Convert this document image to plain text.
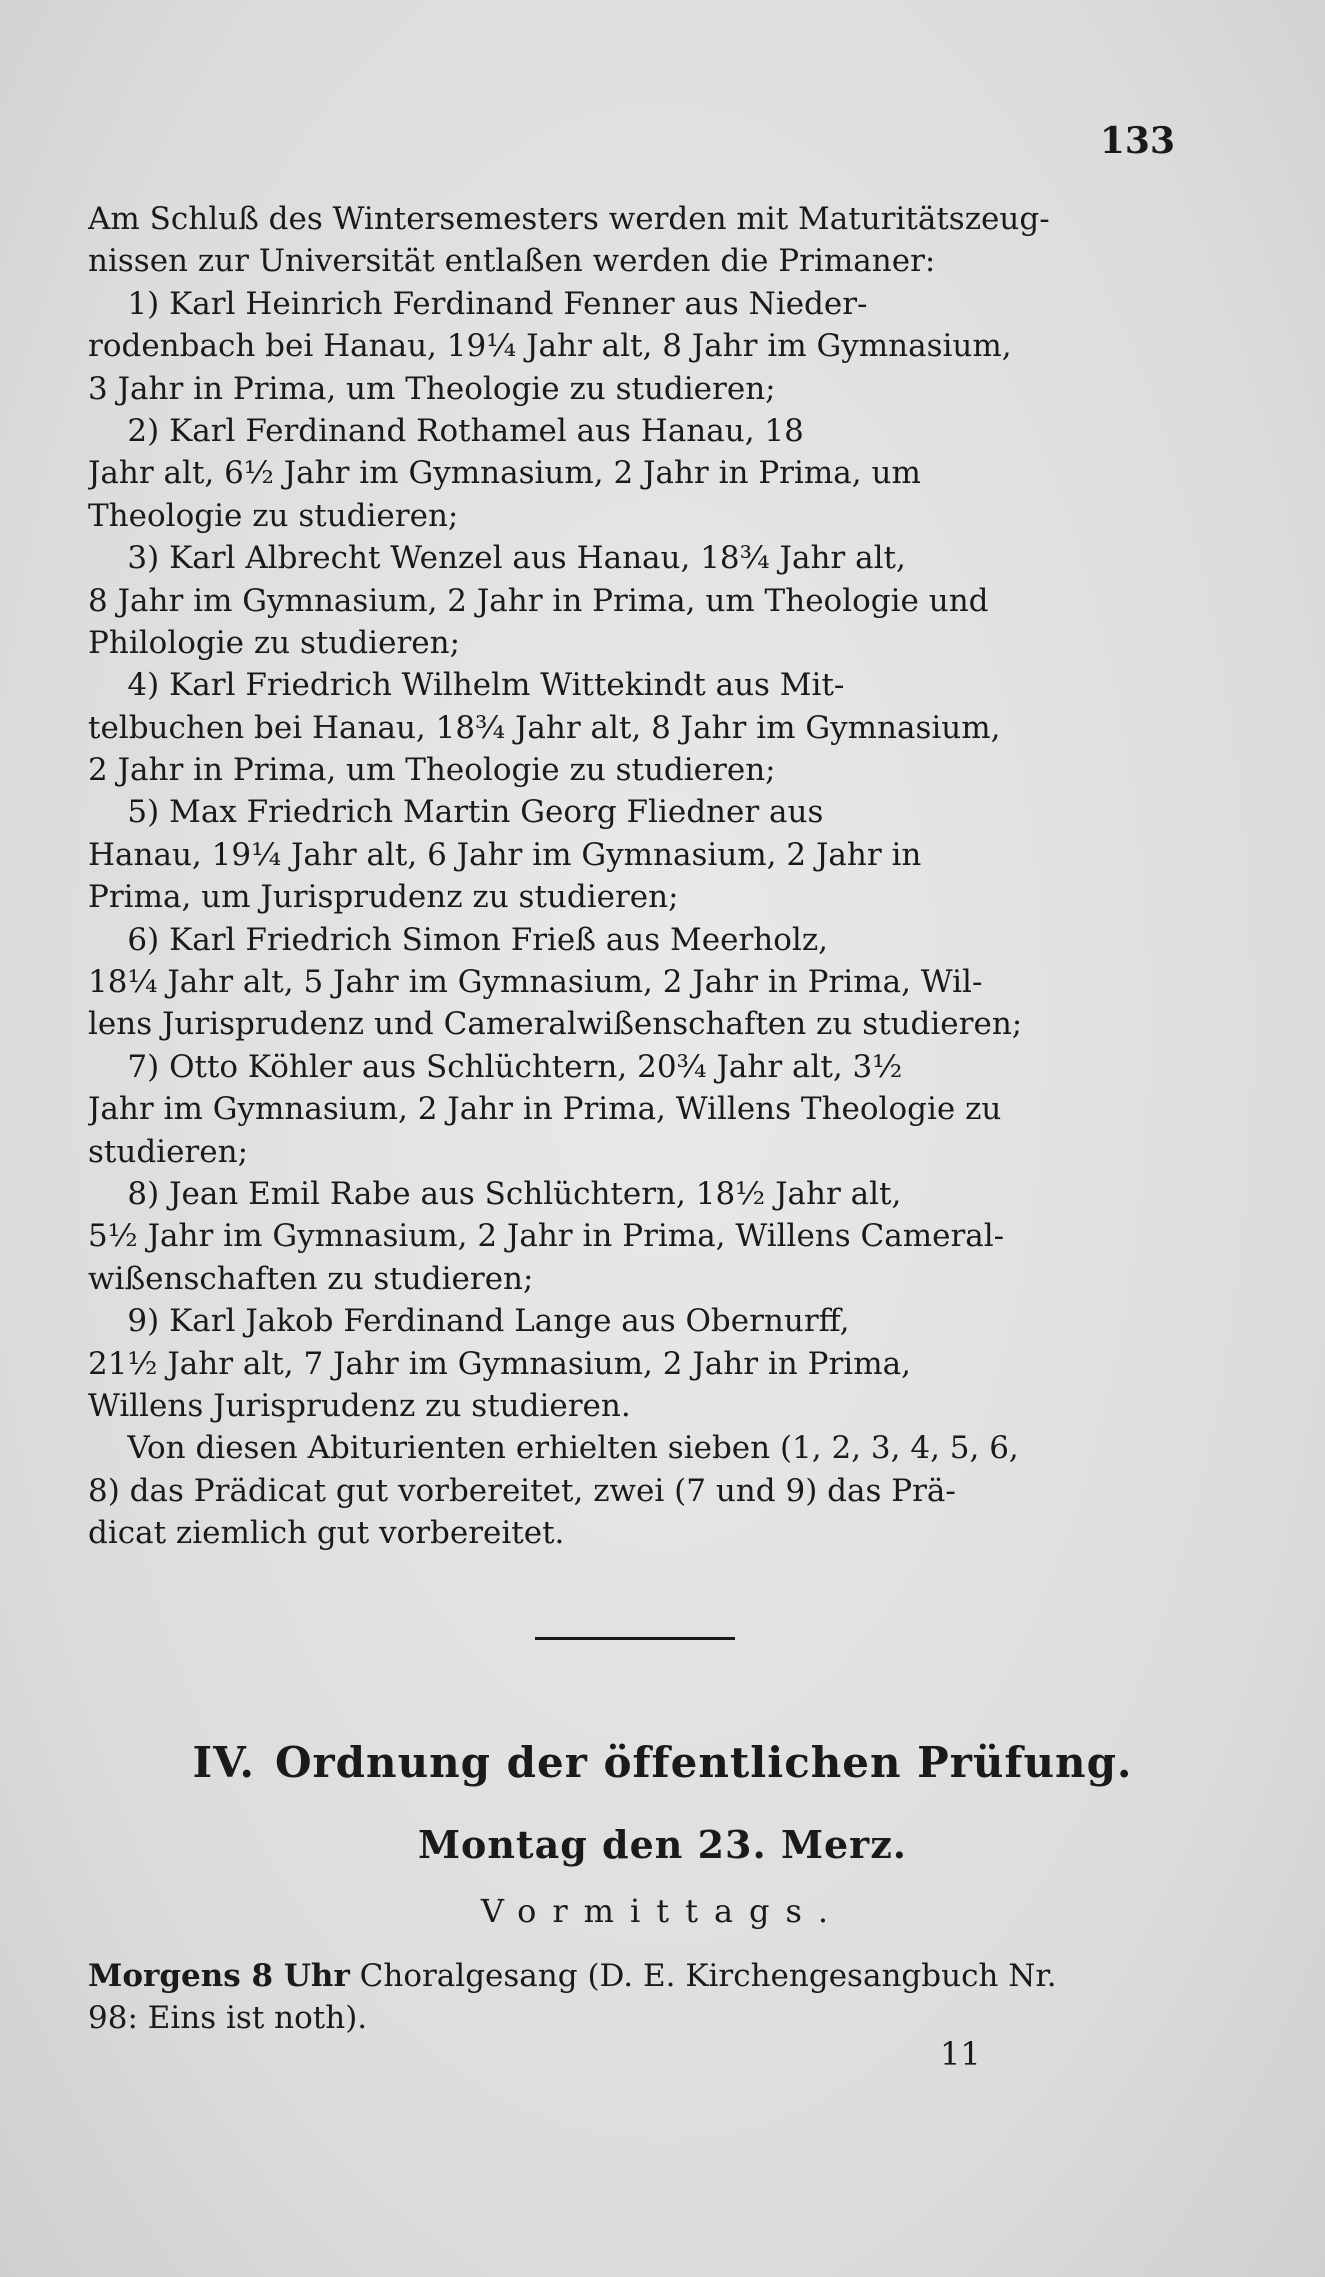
133
Am Schluß des Wintersemesters werden mit Maturitätszeug-
nissen zur Universität entlaßen werden die Primaner:
1) Karl Heinrich Ferdinand Fenner aus Nieder-
rodenbach bei Hanau, 19¼ Jahr alt, 8 Jahr im Gymnasium,
3 Jahr in Prima, um Theologie zu studieren;
2) Karl Ferdinand Rothamel aus Hanau, 18
Jahr alt, 6½ Jahr im Gymnasium, 2 Jahr in Prima, um
Theologie zu studieren;
3) Karl Albrecht Wenzel aus Hanau, 18¾ Jahr alt,
8 Jahr im Gymnasium, 2 Jahr in Prima, um Theologie und
Philologie zu studieren;
4) Karl Friedrich Wilhelm Wittekindt aus Mit-
telbuchen bei Hanau, 18¾ Jahr alt, 8 Jahr im Gymnasium,
2 Jahr in Prima, um Theologie zu studieren;
5) Max Friedrich Martin Georg Fliedner aus
Hanau, 19¼ Jahr alt, 6 Jahr im Gymnasium, 2 Jahr in
Prima, um Jurisprudenz zu studieren;
6) Karl Friedrich Simon Frieß aus Meerholz,
18¼ Jahr alt, 5 Jahr im Gymnasium, 2 Jahr in Prima, Wil-
lens Jurisprudenz und Cameralwißenschaften zu studieren;
7) Otto Köhler aus Schlüchtern, 20¾ Jahr alt, 3½
Jahr im Gymnasium, 2 Jahr in Prima, Willens Theologie zu
studieren;
8) Jean Emil Rabe aus Schlüchtern, 18½ Jahr alt,
5½ Jahr im Gymnasium, 2 Jahr in Prima, Willens Cameral-
wißenschaften zu studieren;
9) Karl Jakob Ferdinand Lange aus Obernurff,
21½ Jahr alt, 7 Jahr im Gymnasium, 2 Jahr in Prima,
Willens Jurisprudenz zu studieren.
Von diesen Abiturienten erhielten sieben (1, 2, 3, 4, 5, 6,
8) das Prädicat gut vorbereitet, zwei (7 und 9) das Prä-
dicat ziemlich gut vorbereitet.
IV. Ordnung der öffentlichen Prüfung.
Montag den 23. Merz.
Vormittags.
Morgens 8 Uhr Choralgesang (D. E. Kirchengesangbuch Nr.
98: Eins ist noth).
11
